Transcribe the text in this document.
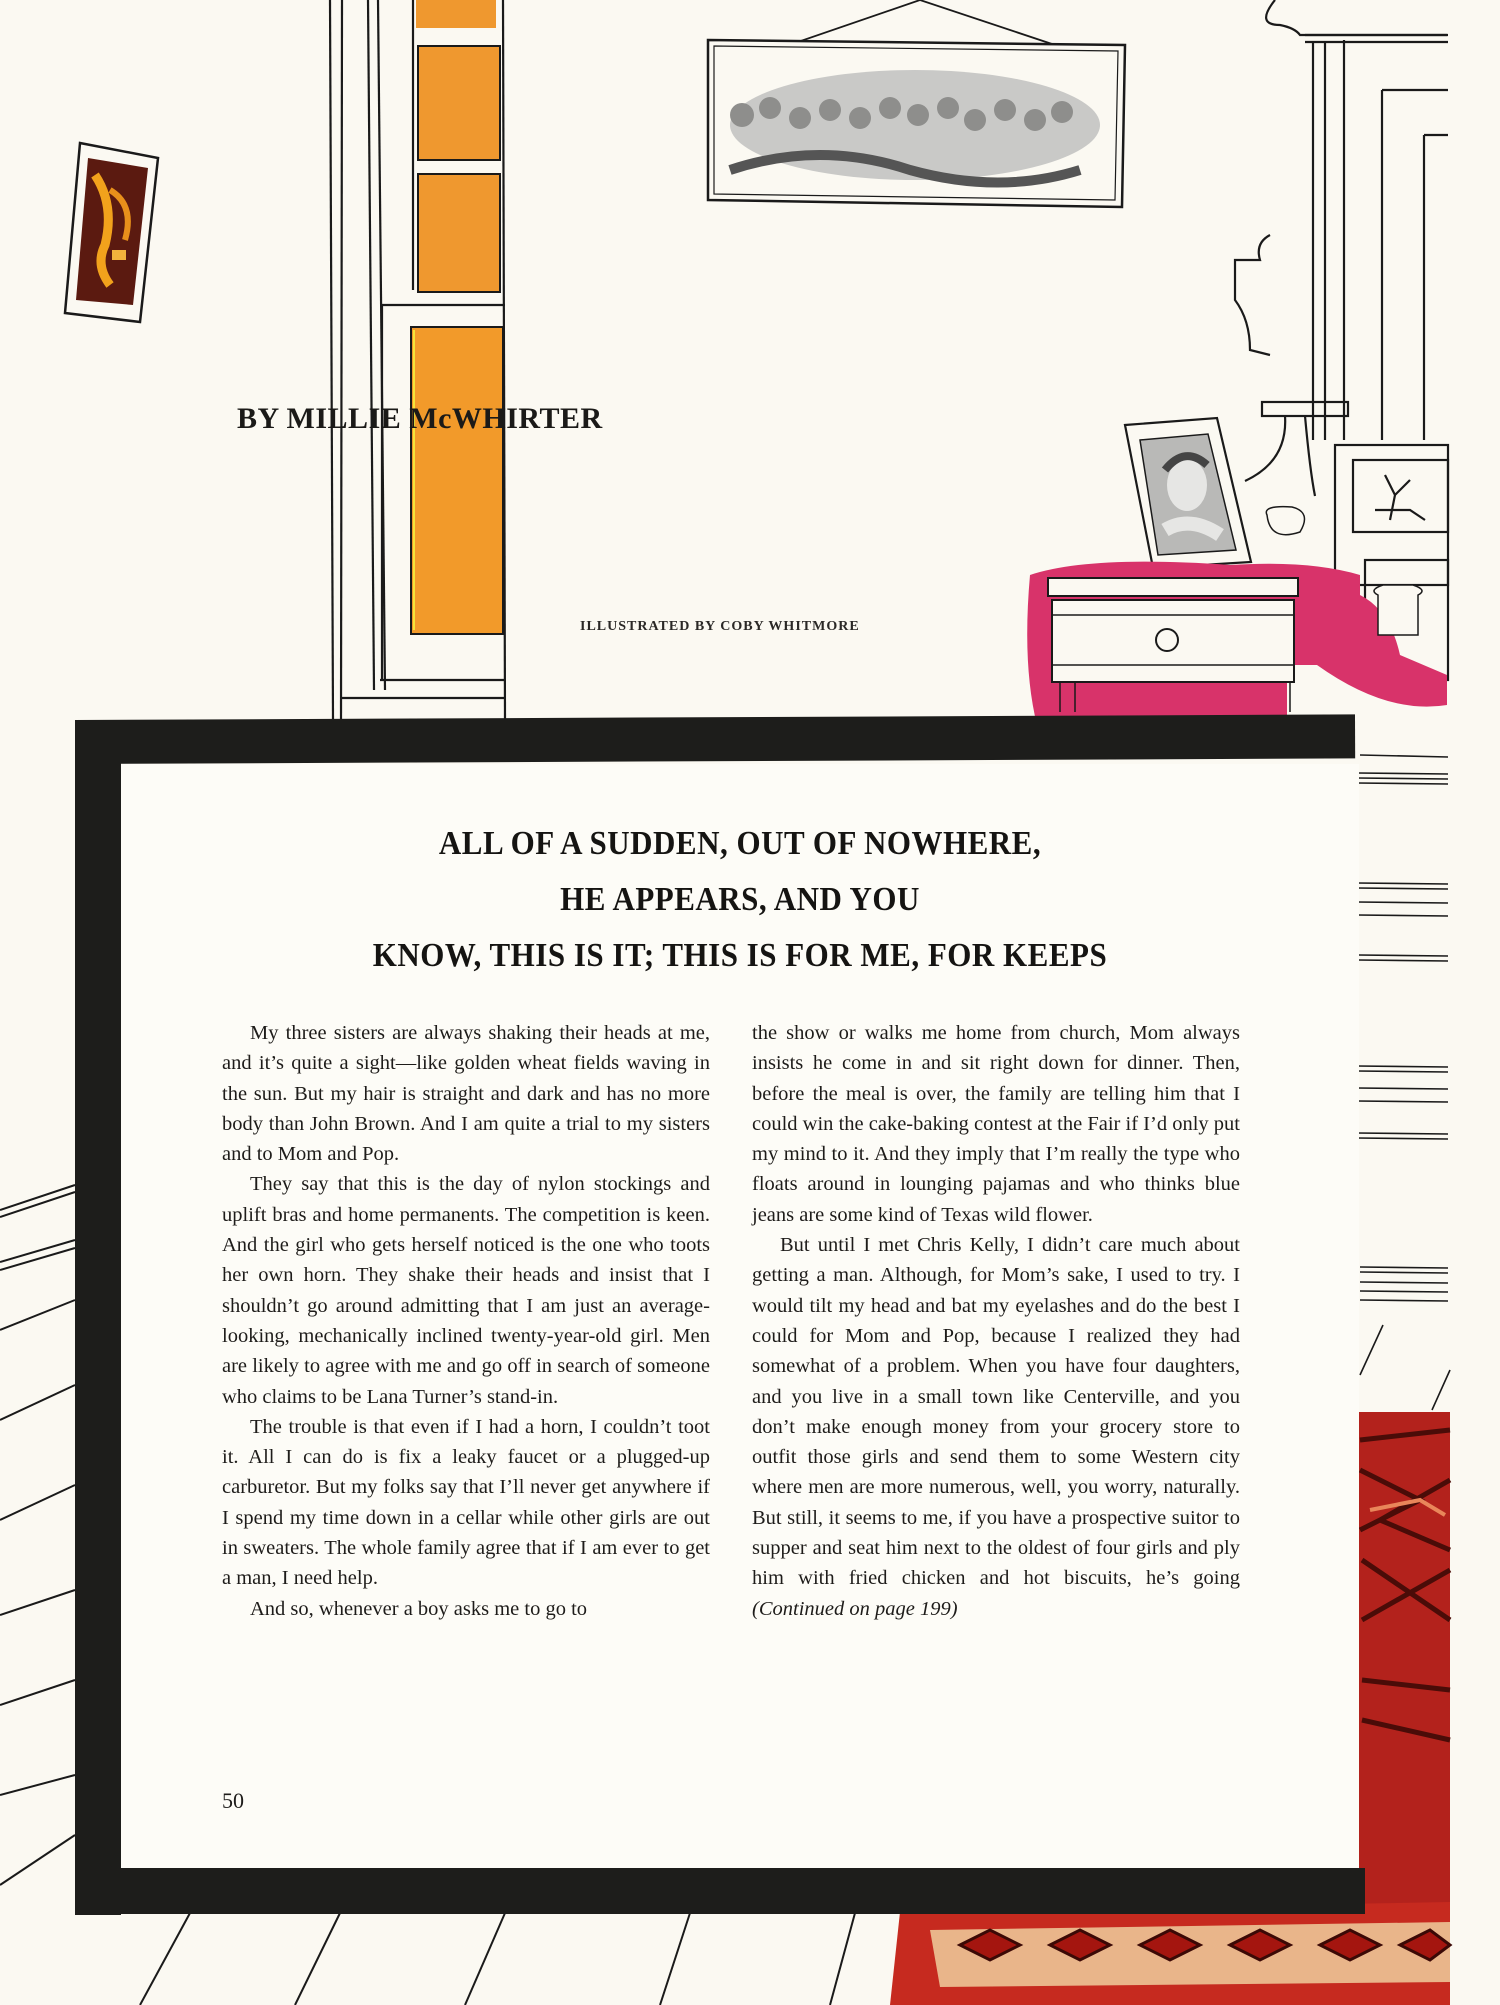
BY MILLIE McWHIRTER
ILLUSTRATED BY COBY WHITMORE
ALL OF A SUDDEN, OUT OF NOWHERE,
HE APPEARS, AND YOU
KNOW, THIS IS IT; THIS IS FOR ME, FOR KEEPS

My three sisters are always shaking their heads at me, and it’s quite a sight—like golden wheat fields waving in the sun. But my hair is straight and dark and has no more body than John Brown. And I am quite a trial to my sisters and to Mom and Pop.

They say that this is the day of nylon stockings and uplift bras and home permanents. The competition is keen. And the girl who gets herself noticed is the one who toots her own horn. They shake their heads and insist that I shouldn’t go around admitting that I am just an average-looking, mechanically inclined twenty-year-old girl. Men are likely to agree with me and go off in search of someone who claims to be Lana Turner’s stand-in.

The trouble is that even if I had a horn, I couldn’t toot it. All I can do is fix a leaky faucet or a plugged-up carburetor. But my folks say that I’ll never get anywhere if I spend my time down in a cellar while other girls are out in sweaters. The whole family agree that if I am ever to get a man, I need help.

And so, whenever a boy asks me to go to

the show or walks me home from church, Mom always insists he come in and sit right down for dinner. Then, before the meal is over, the family are telling him that I could win the cake-baking contest at the Fair if I’d only put my mind to it. And they imply that I’m really the type who floats around in lounging pajamas and who thinks blue jeans are some kind of Texas wild flower.

But until I met Chris Kelly, I didn’t care much about getting a man. Although, for Mom’s sake, I used to try. I would tilt my head and bat my eyelashes and do the best I could for Mom and Pop, because I realized they had somewhat of a problem. When you have four daughters, and you live in a small town like Centerville, and you don’t make enough money from your grocery store to outfit those girls and send them to some Western city where men are more numerous, well, you worry, naturally. But still, it seems to me, if you have a prospective suitor to supper and seat him next to the oldest of four girls and ply him with fried chicken and hot biscuits, he’s going (Continued on page 199)

50
